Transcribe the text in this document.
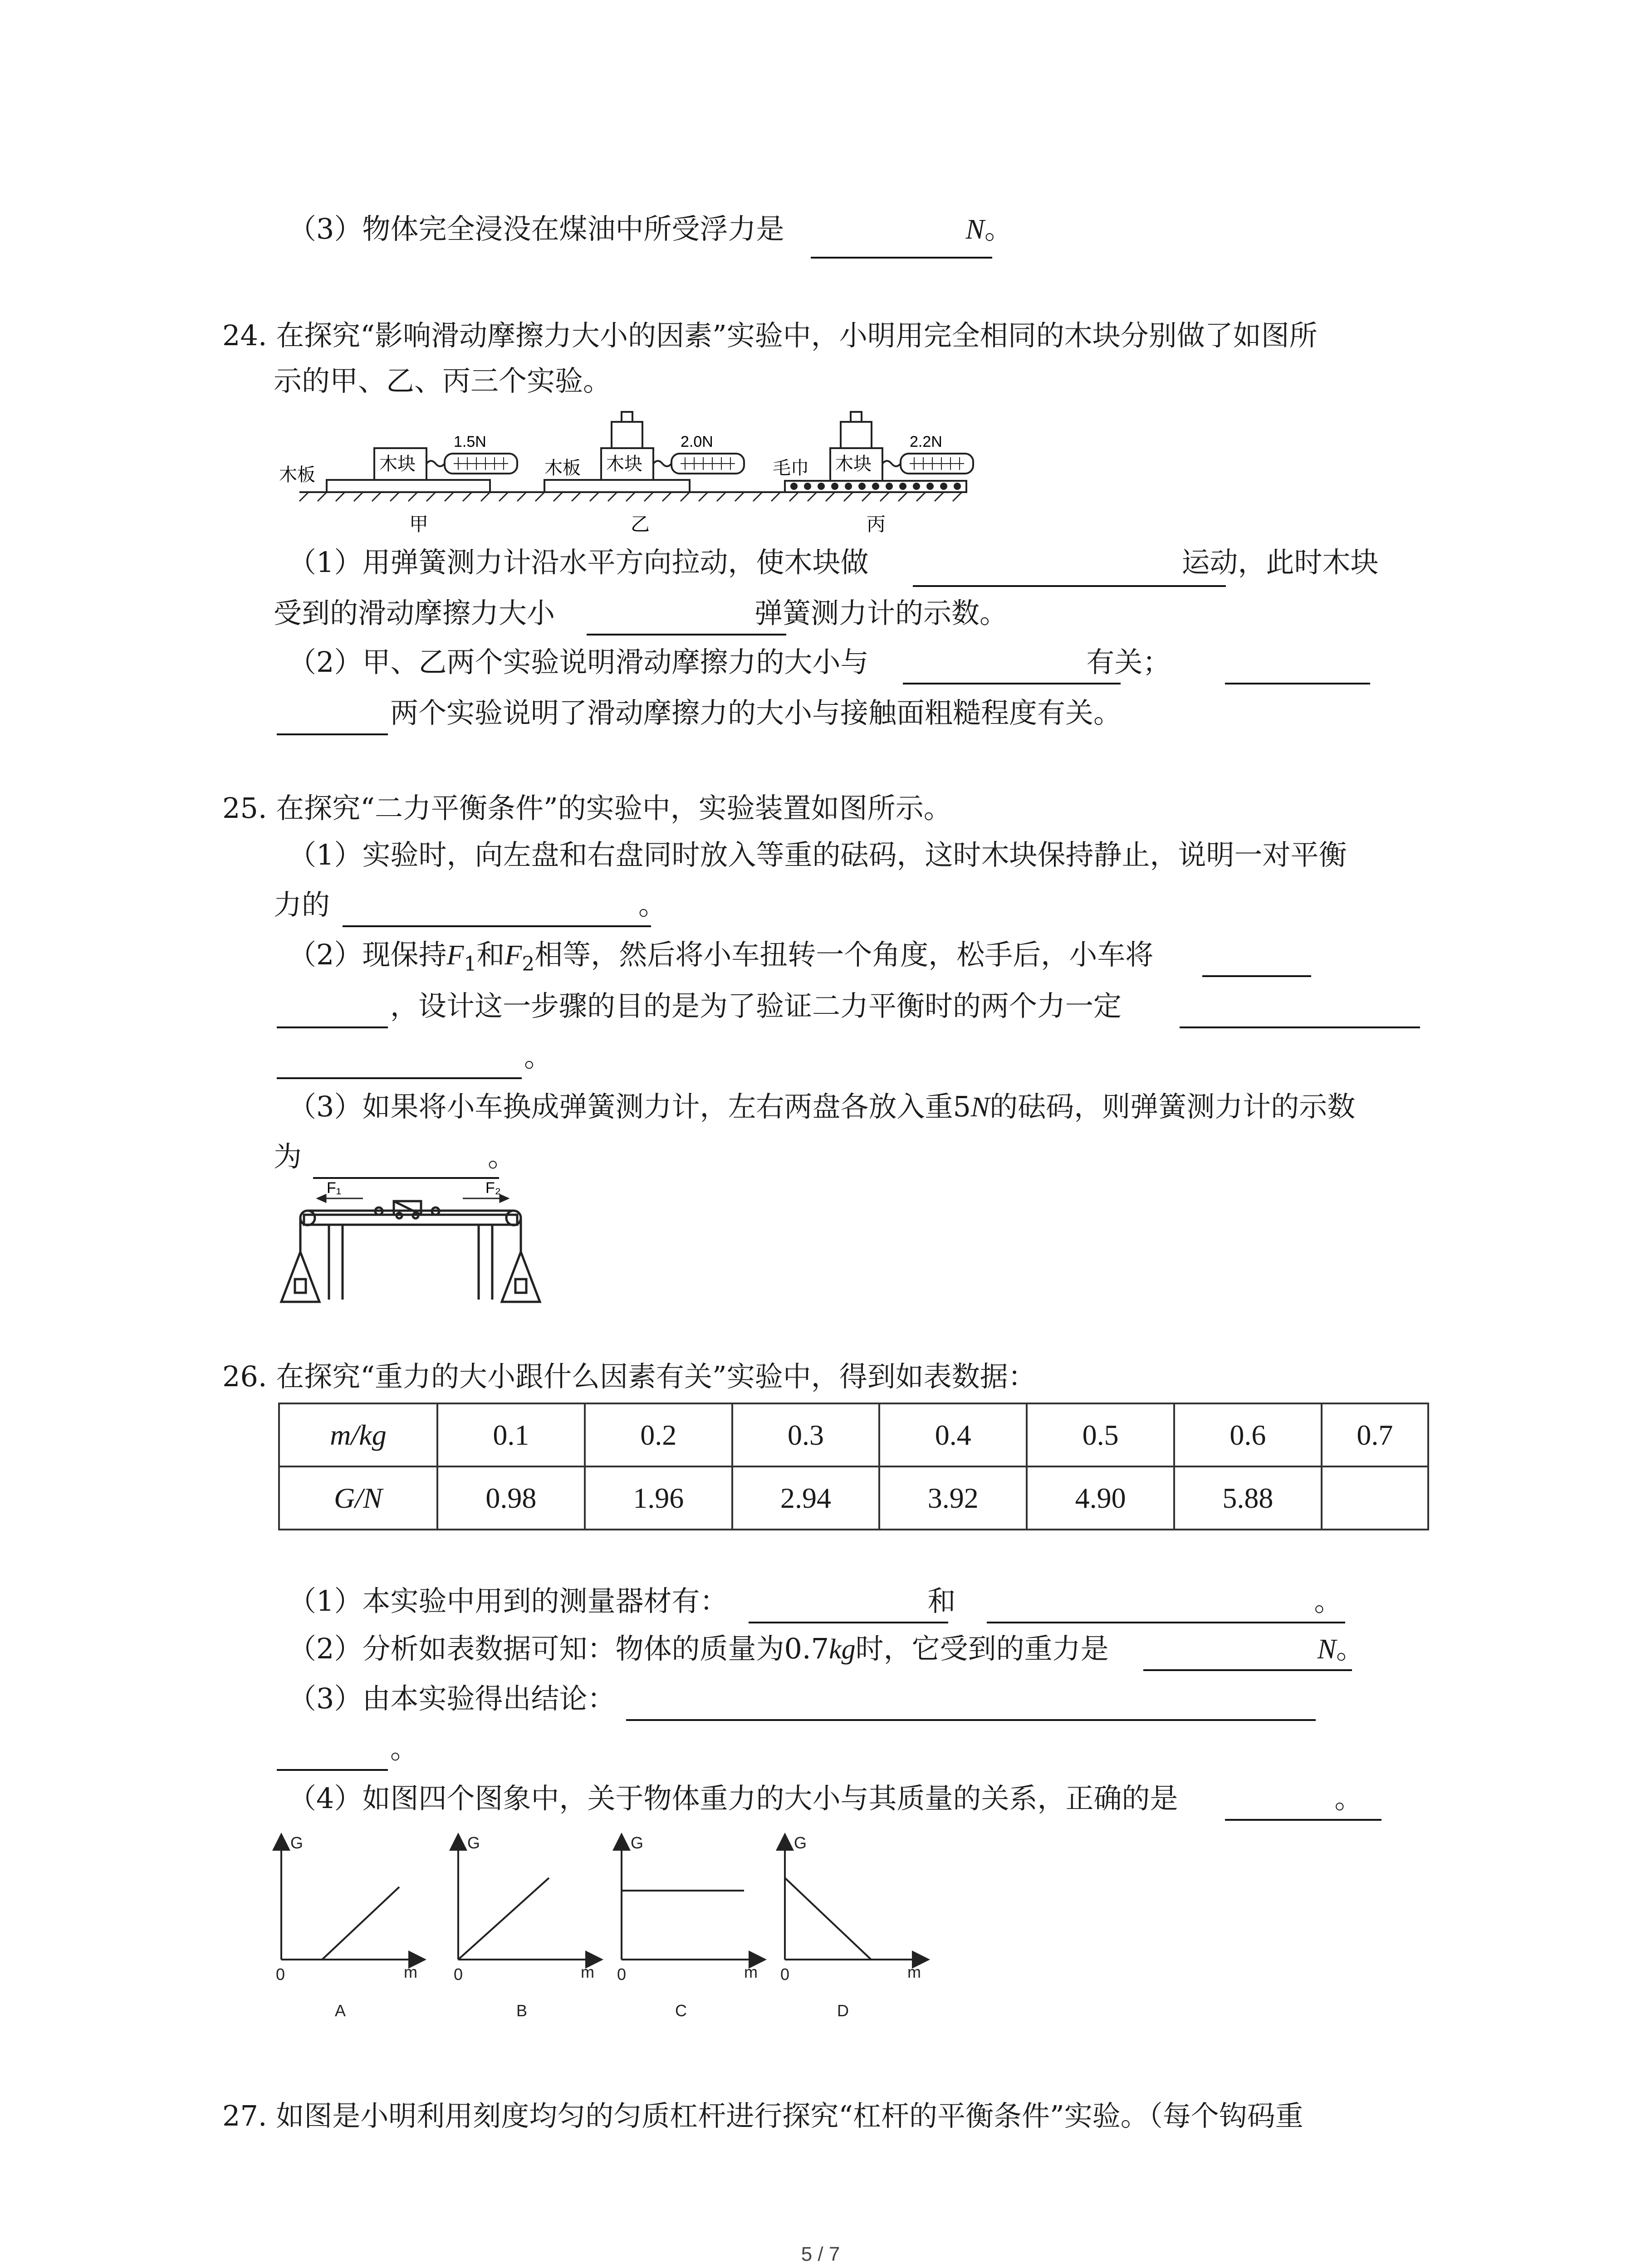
（3）物体完全浸没在煤油中所受浮力是	N。
24. 在探究“影响滑动摩擦力大小的因素”实验中，小明用完全相同的木块分别做了如图所
示的甲、乙、丙三个实验。
1.5N	2.0N	2.2N
木块	木块	木块
木板	木板	毛巾
甲	乙	丙
（1）用弹簧测力计沿水平方向拉动，使木块做	运动，此时木块
受到的滑动摩擦力大小	弹簧测力计的示数。
（2）甲、乙两个实验说明滑动摩擦力的大小与	有关；
两个实验说明了滑动摩擦力的大小与接触面粗糙程度有关。
25. 在探究“二力平衡条件”的实验中，实验装置如图所示。
（1）实验时，向左盘和右盘同时放入等重的砝码，这时木块保持静止，说明一对平衡
力的	。
（2）现保持$F_1$和$F_2$相等，然后将小车扭转一个角度，松手后，小车将
，设计这一步骤的目的是为了验证二力平衡时的两个力一定
。
（3）如果将小车换成弹簧测力计，左右两盘各放入重5N的砝码，则弹簧测力计的示数
为	。
F₁	F₂
26. 在探究“重力的大小跟什么因素有关”实验中，得到如表数据：
m/kg	0.1	0.2	0.3	0.4	0.5	0.6	0.7
G/N	0.98	1.96	2.94	3.92	4.90	5.88	
（1）本实验中用到的测量器材有：	和	。
（2）分析如表数据可知：物体的质量为0.7kg时，它受到的重力是	N。
（3）由本实验得出结论：
。
（4）如图四个图象中，关于物体重力的大小与其质量的关系，正确的是	。
G
m
0
A
G
m
0
B
G
m
0
C
G
m
0
D
27. 如图是小明利用刻度均匀的匀质杠杆进行探究“杠杆的平衡条件”实验。（每个钩码重
5 / 7
